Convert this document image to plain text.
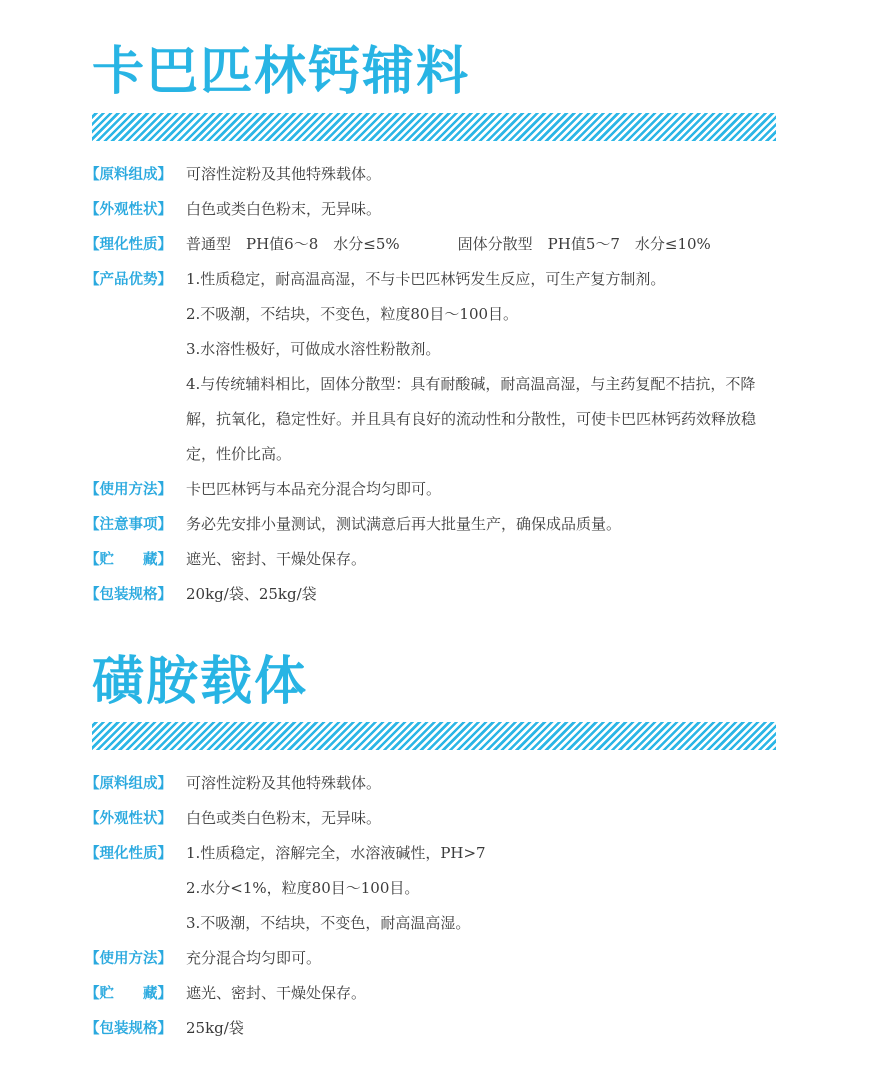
卡巴匹林钙辅料
【原料组成】 可溶性淀粉及其他特殊载体。
【外观性状】 白色或类白色粉末，无异味。
【理化性质】 普通型　PH值6～8　水分≤5%	固体分散型　PH值5～7　水分≤10%
【产品优势】 1.性质稳定，耐高温高湿，不与卡巴匹林钙发生反应，可生产复方制剂。
2.不吸潮，不结块，不变色，粒度80目～100目。
3.水溶性极好，可做成水溶性粉散剂。
4.与传统辅料相比，固体分散型：具有耐酸碱，耐高温高湿，与主药复配不拮抗，不降解，抗氧化，稳定性好。并且具有良好的流动性和分散性，可使卡巴匹林钙药效释放稳定，性价比高。
【使用方法】 卡巴匹林钙与本品充分混合均匀即可。
【注意事项】 务必先安排小量测试，测试满意后再大批量生产，确保成品质量。
【贮　　藏】 遮光、密封、干燥处保存。
【包装规格】 20kg/袋、25kg/袋
磺胺载体
【原料组成】 可溶性淀粉及其他特殊载体。
【外观性状】 白色或类白色粉末，无异味。
【理化性质】 1.性质稳定，溶解完全，水溶液碱性，PH>7
2.水分<1%，粒度80目～100目。
3.不吸潮，不结块，不变色，耐高温高湿。
【使用方法】 充分混合均匀即可。
【贮　　藏】 遮光、密封、干燥处保存。
【包装规格】 25kg/袋
